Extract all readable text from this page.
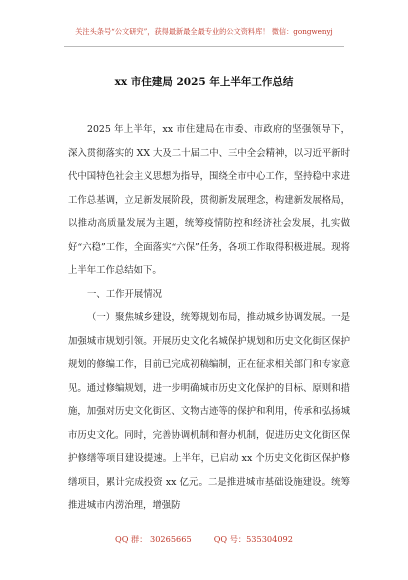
关注头条号“公文研究”，获得最新最全最专业的公文资料库！ 微信：gongwenyj
xx 市住建局 2025 年上半年工作总结

2025 年上半年，xx 市住建局在市委、市政府的坚强领导下，深入贯彻落实的 XX 大及二十届二中、三中全会精神，以习近平新时代中国特色社会主义思想为指导，围绕全市中心工作，坚持稳中求进工作总基调，立足新发展阶段，贯彻新发展理念，构建新发展格局，以推动高质量发展为主题，统筹疫情防控和经济社会发展，扎实做好“六稳”工作，全面落实“六保”任务，各项工作取得积极进展。现将上半年工作总结如下。

一、工作开展情况

（一）聚焦城乡建设，统筹规划布局，推动城乡协调发展。一是加强城市规划引领。开展历史文化名城保护规划和历史文化街区保护规划的修编工作，目前已完成初稿编制，正在征求相关部门和专家意见。通过修编规划，进一步明确城市历史文化保护的目标、原则和措施，加强对历史文化街区、文物古迹等的保护和利用，传承和弘扬城市历史文化。同时，完善协调机制和督办机制，促进历史文化街区保护修缮等项目建设提速。上半年，已启动 xx 个历史文化街区保护修缮项目，累计完成投资 xx 亿元。二是推进城市基础设施建设。统筹推进城市内涝治理，增强防

QQ 群： 30265665	QQ 号：535304092
